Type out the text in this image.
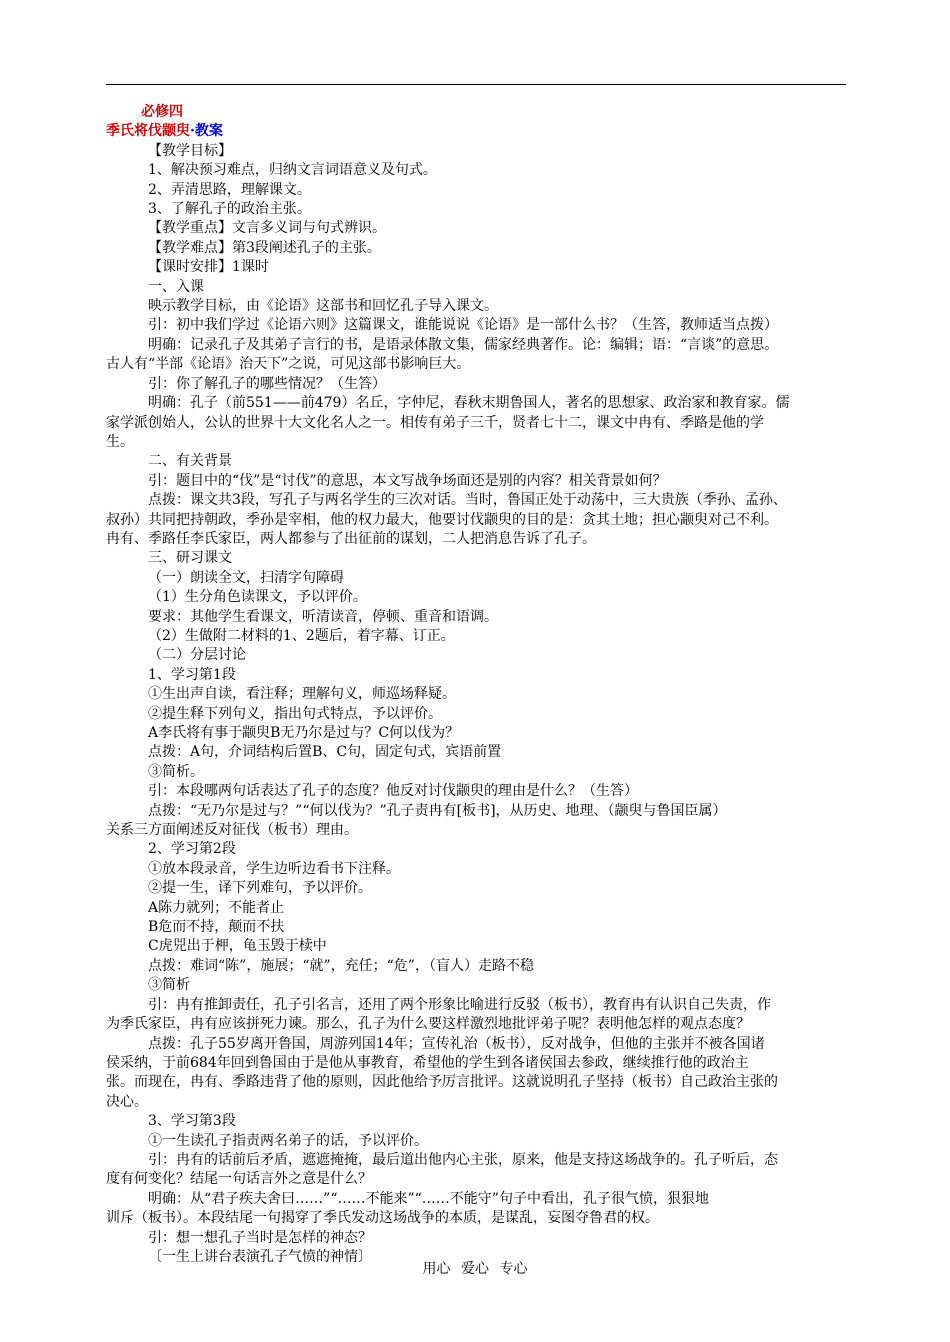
必修四
季氏将伐颛臾·教案
【教学目标】
1、解决预习难点，归纳文言词语意义及句式。
2、弄清思路，理解课文。
3、了解孔子的政治主张。
【教学重点】文言多义词与句式辨识。
【教学难点】第3段阐述孔子的主张。
【课时安排】1课时
一、入课
映示教学目标，由《论语》这部书和回忆孔子导入课文。
引：初中我们学过《论语六则》这篇课文，谁能说说《论语》是一部什么书？（生答，教师适当点拨）
明确：记录孔子及其弟子言行的书，是语录体散文集，儒家经典著作。论：编辑；语：“言谈”的意思。
古人有“半部《论语》治天下”之说，可见这部书影响巨大。
引：你了解孔子的哪些情况？（生答）
明确：孔子（前551——前479）名丘，字仲尼，春秋末期鲁国人，著名的思想家、政治家和教育家。儒
家学派创始人，公认的世界十大文化名人之一。相传有弟子三千，贤者七十二，课文中冉有、季路是他的学
生。
二、有关背景
引：题目中的“伐”是“讨伐”的意思，本文写战争场面还是别的内容？相关背景如何？
点拨：课文共3段，写孔子与两名学生的三次对话。当时，鲁国正处于动荡中，三大贵族（季孙、孟孙、
叔孙）共同把持朝政，季孙是宰相，他的权力最大，他要讨伐颛臾的目的是：贪其土地；担心颛臾对己不利。
冉有、季路任李氏家臣，两人都参与了出征前的谋划，二人把消息告诉了孔子。
三、研习课文
（一）朗读全文，扫清字句障碍
（1）生分角色读课文，予以评价。
要求：其他学生看课文，听清读音，停顿、重音和语调。
（2）生做附二材料的1、2题后，着字幕、订正。
（二）分层讨论
1、学习第1段
①生出声自读，看注释；理解句义，师巡场释疑。
②提生释下列句义，指出句式特点，予以评价。
A李氏将有事于颛臾B无乃尔是过与？C何以伐为？
点拨：A句，介词结构后置B、C句，固定句式，宾语前置
③简析。
引：本段哪两句话表达了孔子的态度？他反对讨伐颛臾的理由是什么？（生答）
点拨：“无乃尔是过与？”“何以伐为？”孔子责冉有[板书]，从历史、地理、（颛臾与鲁国臣属）
关系三方面阐述反对征伐（板书）理由。
2、学习第2段
①放本段录音，学生边听边看书下注释。
②提一生，译下列难句，予以评价。
A陈力就列；不能者止
B危而不持，颠而不扶
C虎兕出于柙，龟玉毁于椟中
点拨：难词“陈”，施展；“就”，充任；“危”，（盲人）走路不稳
③简析
引：冉有推卸责任，孔子引名言，还用了两个形象比喻进行反驳（板书），教育冉有认识自己失责，作
为季氏家臣，冉有应该拼死力谏。那么，孔子为什么要这样激烈地批评弟子呢？表明他怎样的观点态度？
点拨：孔子55岁离开鲁国，周游列国14年；宣传礼治（板书），反对战争，但他的主张并不被各国诸
侯采纳，于前684年回到鲁国由于是他从事教育，希望他的学生到各诸侯国去参政，继续推行他的政治主
张。而现在，冉有、季路违背了他的原则，因此他给予厉言批评。这就说明孔子坚持（板书）自己政治主张的
决心。
3、学习第3段
①一生读孔子指责两名弟子的话，予以评价。
引：冉有的话前后矛盾，遮遮掩掩，最后道出他内心主张，原来，他是支持这场战争的。孔子听后，态
度有何变化？结尾一句话言外之意是什么？
明确：从“君子疾夫舍曰……”“……不能来”“……不能守”句子中看出，孔子很气愤，狠狠地
训斥（板书）。本段结尾一句揭穿了季氏发动这场战争的本质，是谋乱，妄图夺鲁君的权。
引：想一想孔子当时是怎样的神态？
〔一生上讲台表演孔子气愤的神情〕
用心 爱心 专心
